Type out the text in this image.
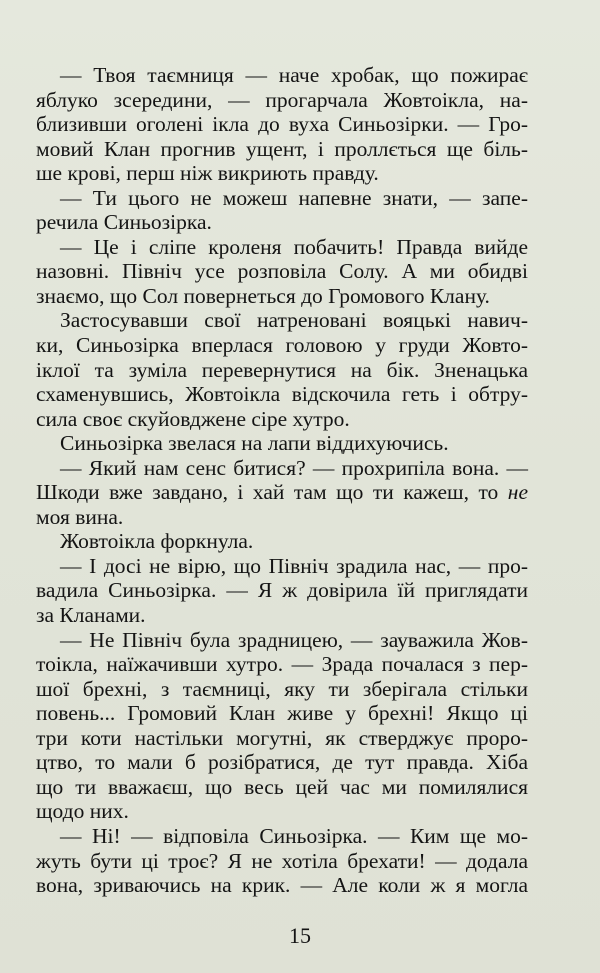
— Твоя таємниця — наче хробак, що пожирає
яблуко зсередини, — прогарчала Жовтоікла, на-
близивши оголені ікла до вуха Синьозірки. — Гро-
мовий Клан прогнив ущент, і проллється ще біль-
ше крові, перш ніж викриють правду.
— Ти цього не можеш напевне знати, — запе-
речила Синьозірка.
— Це і сліпе кроленя побачить! Правда вийде
назовні. Північ усе розповіла Солу. А ми обидві
знаємо, що Сол повернеться до Громового Клану.
Застосувавши свої натреновані вояцькі навич-
ки, Синьозірка вперлася головою у груди Жовто-
іклої та зуміла перевернутися на бік. Зненацька
схаменувшись, Жовтоікла відскочила геть і обтру-
сила своє скуйовджене сіре хутро.
Синьозірка звелася на лапи віддихуючись.
— Який нам сенс битися? — прохрипіла вона. —
Шкоди вже завдано, і хай там що ти кажеш, то не
моя вина.
Жовтоікла форкнула.
— І досі не вірю, що Північ зрадила нас, — про-
вадила Синьозірка. — Я ж довірила їй приглядати
за Кланами.
— Не Північ була зрадницею, — зауважила Жов-
тоікла, наїжачивши хутро. — Зрада почалася з пер-
шої брехні, з таємниці, яку ти зберігала стільки
повень... Громовий Клан живе у брехні! Якщо ці
три коти настільки могутні, як стверджує проро-
цтво, то мали б розібратися, де тут правда. Хіба
що ти вважаєш, що весь цей час ми помилялися
щодо них.
— Ні! — відповіла Синьозірка. — Ким ще мо-
жуть бути ці троє? Я не хотіла брехати! — додала
вона, зриваючись на крик. — Але коли ж я могла
15
